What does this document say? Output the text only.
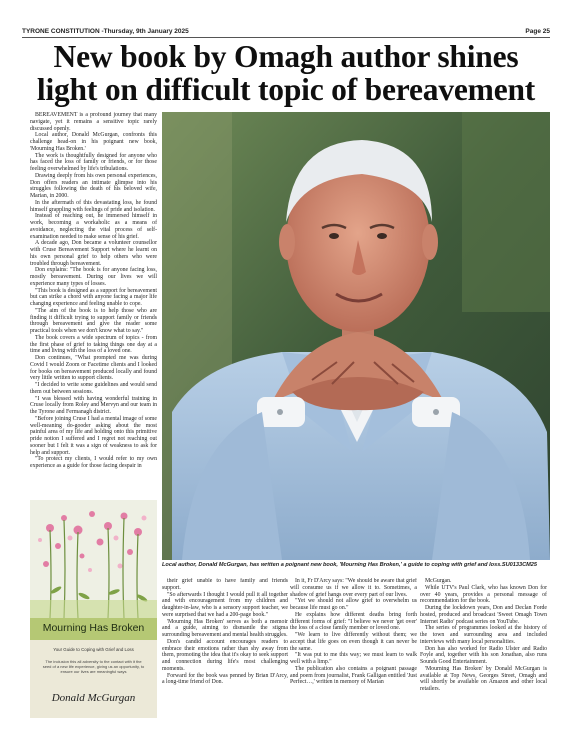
TYRONE CONSTITUTION -Thursday, 9th January 2025	Page 25
New book by Omagh author shines
light on difficult topic of bereavement

BEREAVEMENT is a profound journey that many navigate, yet it remains a sensitive topic rarely discussed openly.

Local author, Donald McGurgan, confronts this challenge head-on in his poignant new book, 'Mourning Has Broken.'

The work is thoughtfully designed for anyone who has faced the loss of family or friends, or for those feeling overwhelmed by life's tribulations.

Drawing deeply from his own personal experiences, Don offers readers an intimate glimpse into his struggles following the death of his beloved wife, Marian, in 2000.

In the aftermath of this devastating loss, he found himself grappling with feelings of pride and isolation.

Instead of reaching out, he immersed himself in work, becoming a workaholic as a means of avoidance, neglecting the vital process of self-examination needed to make sense of his grief.

A decade ago, Don became a volunteer counsellor with Cruse Bereavement Support where he learnt on his own personal grief to help others who were troubled through bereavement.

Don explains: "The book is for anyone facing loss, mostly bereavement. During our lives we will experience many types of losses.

"This book is designed as a support for bereavement but can strike a chord with anyone facing a major life changing experience and feeling unable to cope.

"The aim of the book is to help those who are finding it difficult trying to support family or friends through bereavement and give the reader some practical tools when we don't know what to say."

The book covers a wide spectrum of topics - from the first phase of grief to taking things one day at a time and living with the loss of a loved one.

Don continues, "What prompted me was during Covid I would Zoom or Facetime clients and I looked for books on bereavement produced locally and found very little written to support clients.

"I decided to write some guidelines and would send them out between sessions.

"I was blessed with having wonderful training in Cruse locally from Roley and Mervyn and our team in the Tyrone and Fermanagh district.

"Before joining Cruse I had a mental image of some well-meaning do-gooder asking about the most painful area of my life and holding onto this primitive pride notion I suffered and I regret not reaching out sooner but I felt it was a sign of weakness to ask for help and support.

"To protect my clients, I would refer to my own experience as a guide for those facing despair in

Local author, Donald McGurgan, has written a poignant new book, 'Mourning Has Broken,' a guide to coping with grief and loss.SU0133CM25
Mourning Has Broken
Your Guide to Coping with Grief and Loss
The inclusion this all adversity to the contact with it the seed of a new life experience, giving us an opportunity, to ensure our lives are meaningful ways
Donald McGurgan

their grief unable to have family and friends support.

"So afterwards I thought I would pull it all together and with encouragement from my children and daughter-in-law, who is a sensory support teacher, we were surprised that we had a 200-page book."

'Mourning Has Broken' serves as both a memoir and a guide, aiming to dismantle the stigma surrounding bereavement and mental health struggles.

Don's candid account encourages readers to embrace their emotions rather than shy away from them, promoting the idea that it's okay to seek support and connection during life's most challenging moments.

Forward for the book was penned by Brian D'Arcy, a long-time friend of Don.

In it, Fr D'Arcy says: "We should be aware that grief will consume us if we allow it to. Sometimes, a shadow of grief hangs over every part of our lives.

"Yet we should not allow grief to overwhelm us because life must go on."

He explains how different deaths bring forth different forms of grief: "I believe we never 'get over' the loss of a close family member or loved one.

"We learn to live differently without them; we accept that life goes on even though it can never be the same.

"It was put to me this way; we must learn to walk well with a limp."

The publication also contains a poignant passage and poem from journalist, Frank Galligan entitled 'Just Perfect…,' written in memory of Marian

McGurgan.

While UTV's Paul Clark, who has known Don for over 40 years, provides a personal message of recommendation for the book.

During the lockdown years, Don and Declan Forde hosted, produced and broadcast 'Sweet Omagh Town Internet Radio' podcast series on YouTube.

The series of programmes looked at the history of the town and surrounding area and included interviews with many local personalities.

Don has also worked for Radio Ulster and Radio Foyle and, together with his son Jonathan, also runs Sounds Good Entertainment.

'Mourning Has Broken' by Donald McGurgan is available at Top News, Georges Street, Omagh and will shortly be available on Amazon and other local retailers.
